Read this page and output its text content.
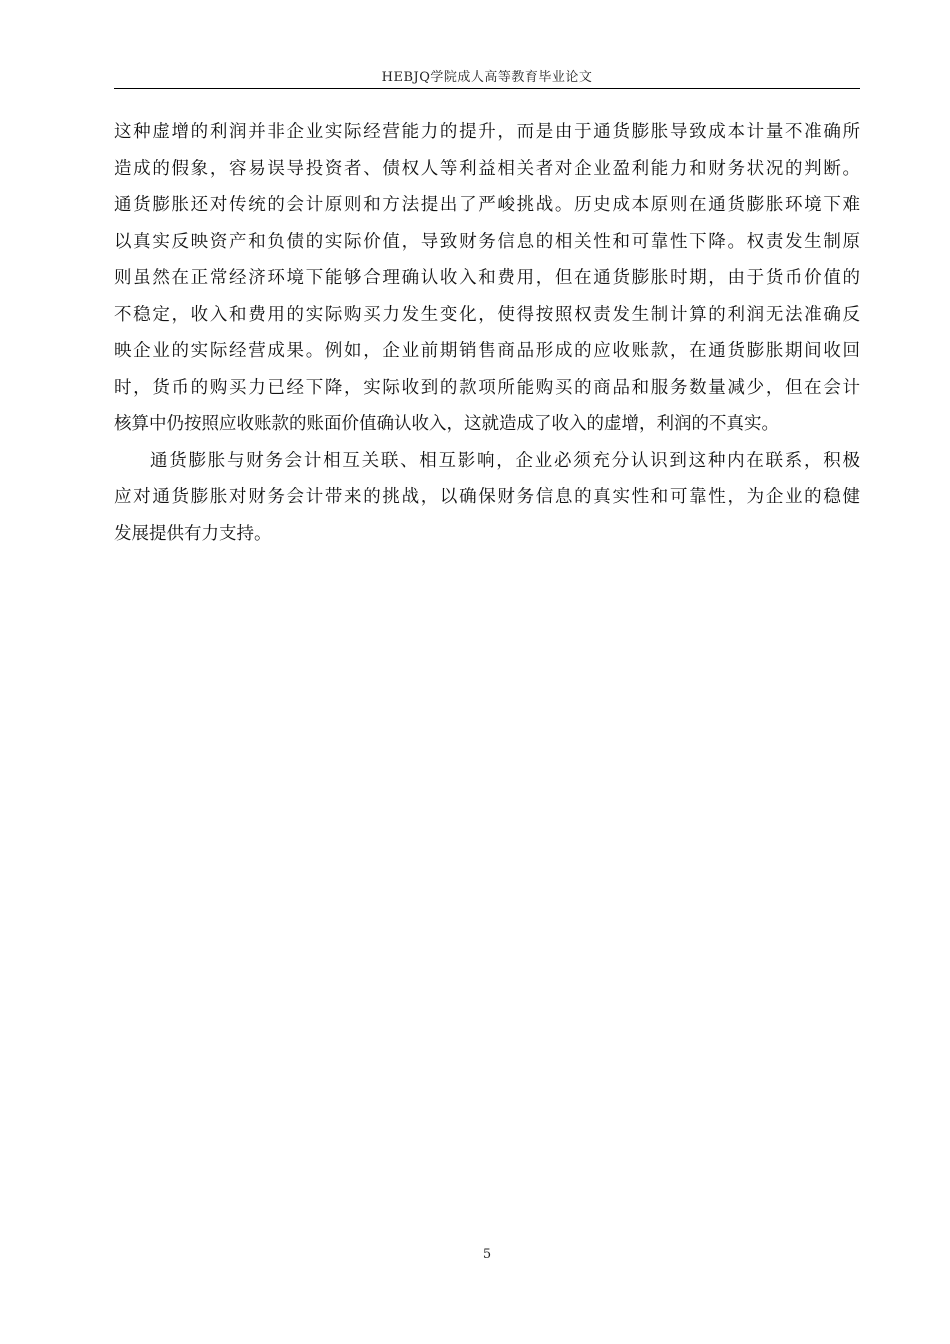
HEBJQ学院成人高等教育毕业论文
这种虚增的利润并非企业实际经营能力的提升，而是由于通货膨胀导致成本计量不准确所
造成的假象，容易误导投资者、债权人等利益相关者对企业盈利能力和财务状况的判断。
通货膨胀还对传统的会计原则和方法提出了严峻挑战。历史成本原则在通货膨胀环境下难
以真实反映资产和负债的实际价值，导致财务信息的相关性和可靠性下降。权责发生制原
则虽然在正常经济环境下能够合理确认收入和费用，但在通货膨胀时期，由于货币价值的
不稳定，收入和费用的实际购买力发生变化，使得按照权责发生制计算的利润无法准确反
映企业的实际经营成果。例如，企业前期销售商品形成的应收账款，在通货膨胀期间收回
时，货币的购买力已经下降，实际收到的款项所能购买的商品和服务数量减少，但在会计
核算中仍按照应收账款的账面价值确认收入，这就造成了收入的虚增，利润的不真实。
通货膨胀与财务会计相互关联、相互影响，企业必须充分认识到这种内在联系，积极
应对通货膨胀对财务会计带来的挑战，以确保财务信息的真实性和可靠性，为企业的稳健
发展提供有力支持。
5
